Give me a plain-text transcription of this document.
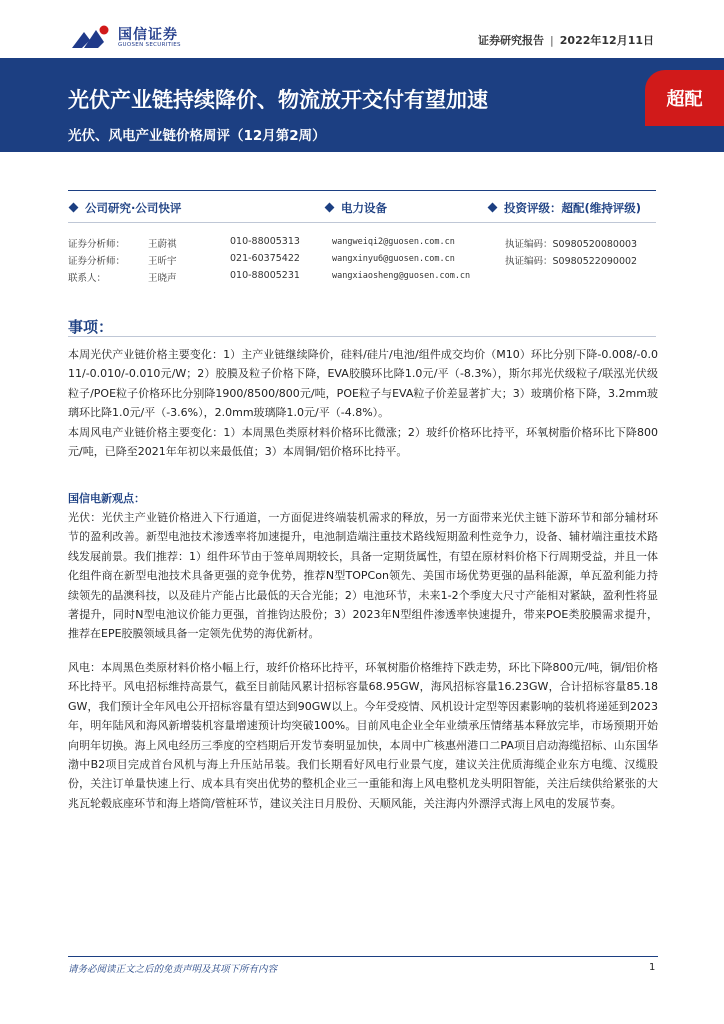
国信证券
GUOSEN SECURITIES	证券研究报告 | 2022年12月11日
光伏产业链持续降价、物流放开交付有望加速
光伏、风电产业链价格周评（12月第2周）
超配
公司研究·公司快评	电力设备	投资评级：超配(维持评级)
证券分析师： 王蔚祺	010-88005313	wangweiqi2@guosen.com.cn	执证编码：S0980520080003
证券分析师： 王昕宇	021-60375422	wangxinyu6@guosen.com.cn	执证编码：S0980522090002
联系人：	王晓声	010-88005231	wangxiaosheng@guosen.com.cn
事项：
本周光伏产业链价格主要变化：1）主产业链继续降价，硅料/硅片/电池/组件成交均价（M10）环比分别下降-0.008/-0.011/-0.010/-0.010元/W；2）胶膜及粒子价格下降，EVA胶膜环比降1.0元/平（-8.3%），斯尔邦光伏级粒子/联泓光伏级粒子/POE粒子价格环比分别降1900/8500/800元/吨，POE粒子与EVA粒子价差显著扩大；3）玻璃价格下降，3.2mm玻璃环比降1.0元/平（-3.6%），2.0mm玻璃降1.0元/平（-4.8%）。
本周风电产业链价格主要变化：1）本周黑色类原材料价格环比微涨；2）玻纤价格环比持平，环氧树脂价格环比下降800元/吨，已降至2021年年初以来最低值；3）本周铜/铝价格环比持平。
国信电新观点：
光伏：光伏主产业链价格进入下行通道，一方面促进终端装机需求的释放，另一方面带来光伏主链下游环节和部分辅材环节的盈利改善。新型电池技术渗透率将加速提升，电池制造端注重技术路线短期盈利性竞争力，设备、辅材端注重技术路线发展前景。我们推荐：1）组件环节由于签单周期较长，具备一定期货属性，有望在原材料价格下行周期受益，并且一体化组件商在新型电池技术具备更强的竞争优势，推荐N型TOPCon领先、美国市场优势更强的晶科能源，单瓦盈利能力持续领先的晶澳科技，以及硅片产能占比最低的天合光能；2）电池环节，未来1-2个季度大尺寸产能相对紧缺，盈利性将显著提升，同时N型电池议价能力更强，首推钧达股份；3）2023年N型组件渗透率快速提升，带来POE类胶膜需求提升，推荐在EPE胶膜领域具备一定领先优势的海优新材。
风电：本周黑色类原材料价格小幅上行，玻纤价格环比持平，环氧树脂价格维持下跌走势，环比下降800元/吨，铜/铝价格环比持平。风电招标维持高景气，截至目前陆风累计招标容量68.95GW，海风招标容量16.23GW，合计招标容量85.18GW，我们预计全年风电公开招标容量有望达到90GW以上。今年受疫情、风机设计定型等因素影响的装机将递延到2023年，明年陆风和海风新增装机容量增速预计均突破100%。目前风电企业全年业绩承压情绪基本释放完毕，市场预期开始向明年切换。海上风电经历三季度的空档期后开发节奏明显加快，本周中广核惠州港口二PA项目启动海缆招标、山东国华渤中B2项目完成首台风机与海上升压站吊装。我们长期看好风电行业景气度，建议关注优质海缆企业东方电缆、汉缆股份，关注订单量快速上行、成本具有突出优势的整机企业三一重能和海上风电整机龙头明阳智能，关注后续供给紧张的大兆瓦轮毂底座环节和海上塔筒/管桩环节，建议关注日月股份、天顺风能，关注海内外漂浮式海上风电的发展节奏。
请务必阅读正文之后的免责声明及其项下所有内容	1
